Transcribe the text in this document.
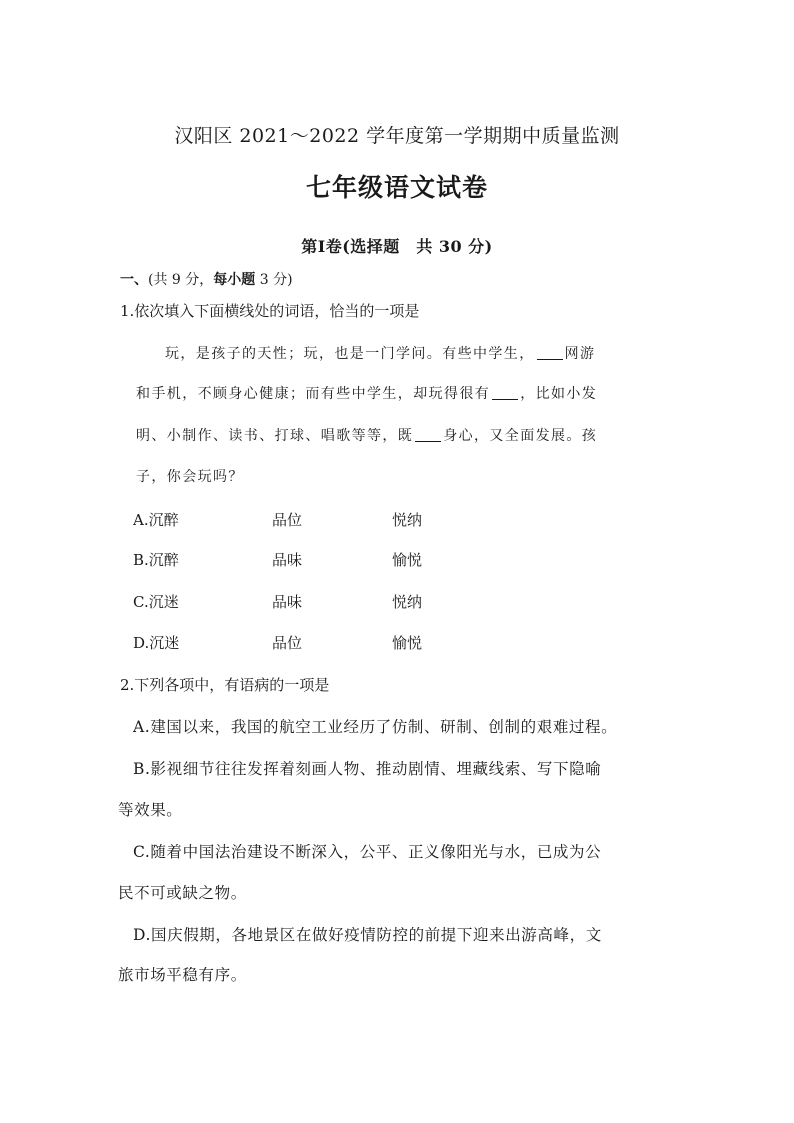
汉阳区 2021～2022 学年度第一学期期中质量监测
七年级语文试卷
第Ⅰ卷(选择题　共 30 分)
一、(共 9 分，每小题 3 分)
1.依次填入下面横线处的词语，恰当的一项是
玩，是孩子的天性；玩，也是一门学问。有些中学生， 网游
和手机，不顾身心健康；而有些中学生，却玩得很有 ，比如小发
明、小制作、读书、打球、唱歌等等，既 身心，又全面发展。孩
子，你会玩吗？
A.沉醉	品位	悦纳
B.沉醉	品味	愉悦
C.沉迷	品味	悦纳
D.沉迷	品位	愉悦
2.下列各项中，有语病的一项是
A.建国以来，我国的航空工业经历了仿制、研制、创制的艰难过程。
B.影视细节往往发挥着刻画人物、推动剧情、埋藏线索、写下隐喻
等效果。
C.随着中国法治建设不断深入，公平、正义像阳光与水，已成为公
民不可或缺之物。
D.国庆假期，各地景区在做好疫情防控的前提下迎来出游高峰，文
旅市场平稳有序。
